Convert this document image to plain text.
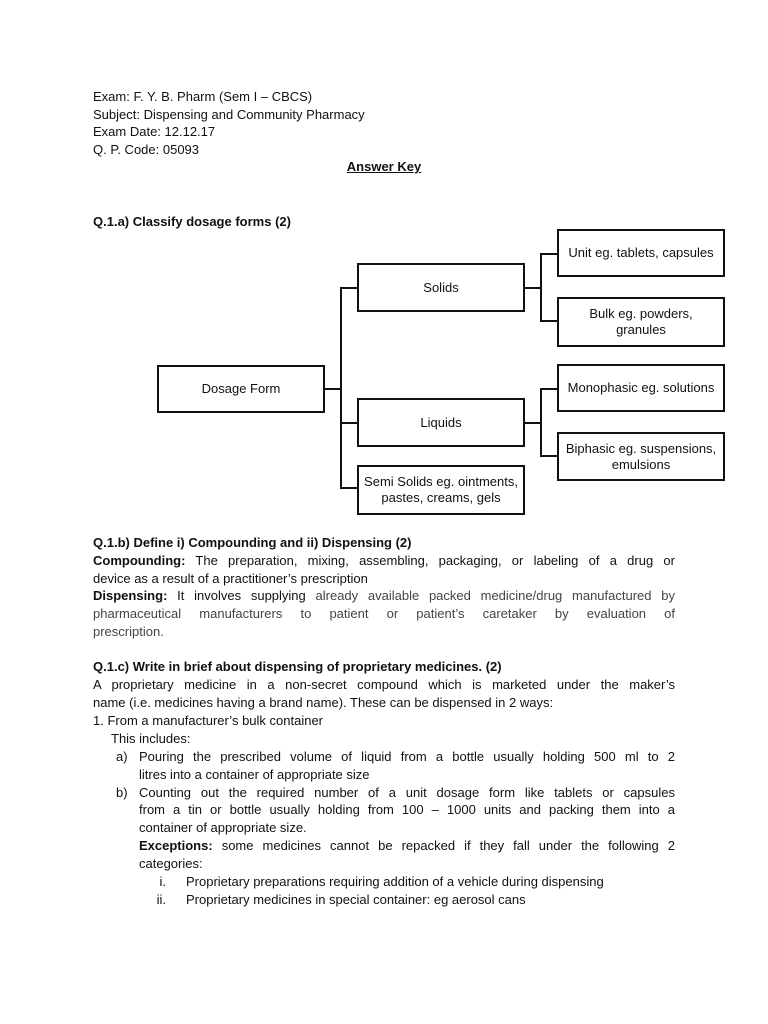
Exam: F. Y. B. Pharm (Sem I – CBCS)
Subject: Dispensing and Community Pharmacy
Exam Date: 12.12.17
Q. P. Code: 05093
Answer Key
Q.1.a) Classify dosage forms (2)
Dosage Form
Solids
Liquids
Semi Solids eg. ointments, pastes, creams, gels
Unit eg. tablets, capsules
Bulk eg. powders, granules
Monophasic eg. solutions
Biphasic eg. suspensions, emulsions
Q.1.b) Define i) Compounding and ii) Dispensing (2)
Compounding: The preparation, mixing, assembling, packaging, or labeling of a drug or
device as a result of a practitioner’s prescription
Dispensing: It involves supplying already available packed medicine/drug manufactured by
pharmaceutical manufacturers to patient or patient’s caretaker by evaluation of
prescription.
Q.1.c) Write in brief about dispensing of proprietary medicines. (2)
A proprietary medicine in a non-secret compound which is marketed under the maker’s
name (i.e. medicines having a brand name). These can be dispensed in 2 ways:
1. From a manufacturer’s bulk container
This includes:
a) Pouring the prescribed volume of liquid from a bottle usually holding 500 ml to 2
litres into a container of appropriate size
b) Counting out the required number of a unit dosage form like tablets or capsules
from a tin or bottle usually holding from 100 – 1000 units and packing them into a
container of appropriate size.
Exceptions: some medicines cannot be repacked if they fall under the following 2
categories:
i. Proprietary preparations requiring addition of a vehicle during dispensing
ii. Proprietary medicines in special container: eg aerosol cans
